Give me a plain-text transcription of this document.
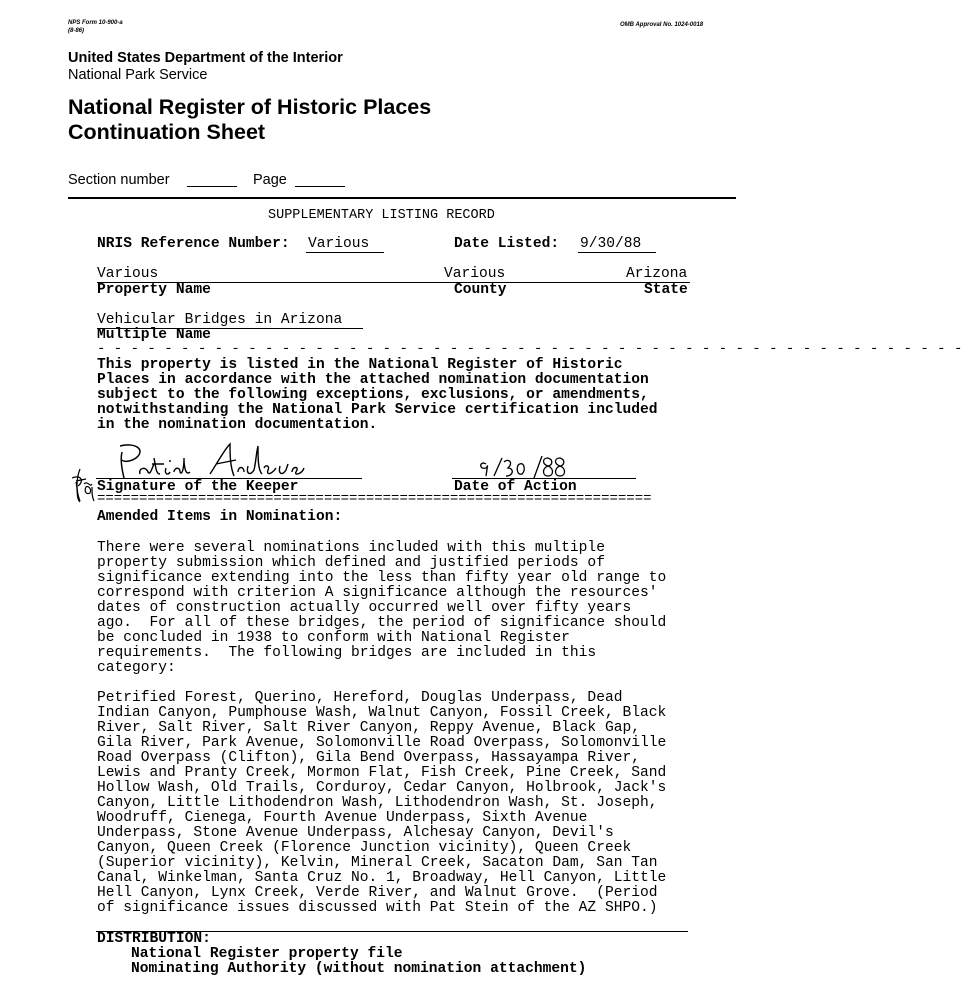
NPS Form 10-900-a
(8-86)
OMB Approval No. 1024-0018
United States Department of the Interior
National Park Service
National Register of Historic Places
Continuation Sheet
Section number	Page
SUPPLEMENTARY LISTING RECORD
NRIS Reference Number: Various	Date Listed: 9/30/88
Various	Various	Arizona
Property Name	County	State
Vehicular Bridges in Arizona
Multiple Name
- - - - - - - - - - - - - - - - - - - - - - - - - - - - - - - - - - - - - - - - - - - - - - - - - - - -
This property is listed in the National Register of Historic
Places in accordance with the attached nomination documentation
subject to the following exceptions, exclusions, or amendments,
notwithstanding the National Park Service certification included
in the nomination documentation.
Signature of the Keeper	Date of Action
==================================================================
Amended Items in Nomination:
There were several nominations included with this multiple
property submission which defined and justified periods of
significance extending into the less than fifty year old range to
correspond with criterion A significance although the resources'
dates of construction actually occurred well over fifty years
ago.  For all of these bridges, the period of significance should
be concluded in 1938 to conform with National Register
requirements.  The following bridges are included in this
category:
Petrified Forest, Querino, Hereford, Douglas Underpass, Dead
Indian Canyon, Pumphouse Wash, Walnut Canyon, Fossil Creek, Black
River, Salt River, Salt River Canyon, Reppy Avenue, Black Gap,
Gila River, Park Avenue, Solomonville Road Overpass, Solomonville
Road Overpass (Clifton), Gila Bend Overpass, Hassayampa River,
Lewis and Pranty Creek, Mormon Flat, Fish Creek, Pine Creek, Sand
Hollow Wash, Old Trails, Corduroy, Cedar Canyon, Holbrook, Jack's
Canyon, Little Lithodendron Wash, Lithodendron Wash, St. Joseph,
Woodruff, Cienega, Fourth Avenue Underpass, Sixth Avenue
Underpass, Stone Avenue Underpass, Alchesay Canyon, Devil's
Canyon, Queen Creek (Florence Junction vicinity), Queen Creek
(Superior vicinity), Kelvin, Mineral Creek, Sacaton Dam, San Tan
Canal, Winkelman, Santa Cruz No. 1, Broadway, Hell Canyon, Little
Hell Canyon, Lynx Creek, Verde River, and Walnut Grove.  (Period
of significance issues discussed with Pat Stein of the AZ SHPO.)
DISTRIBUTION:
National Register property file
Nominating Authority (without nomination attachment)
